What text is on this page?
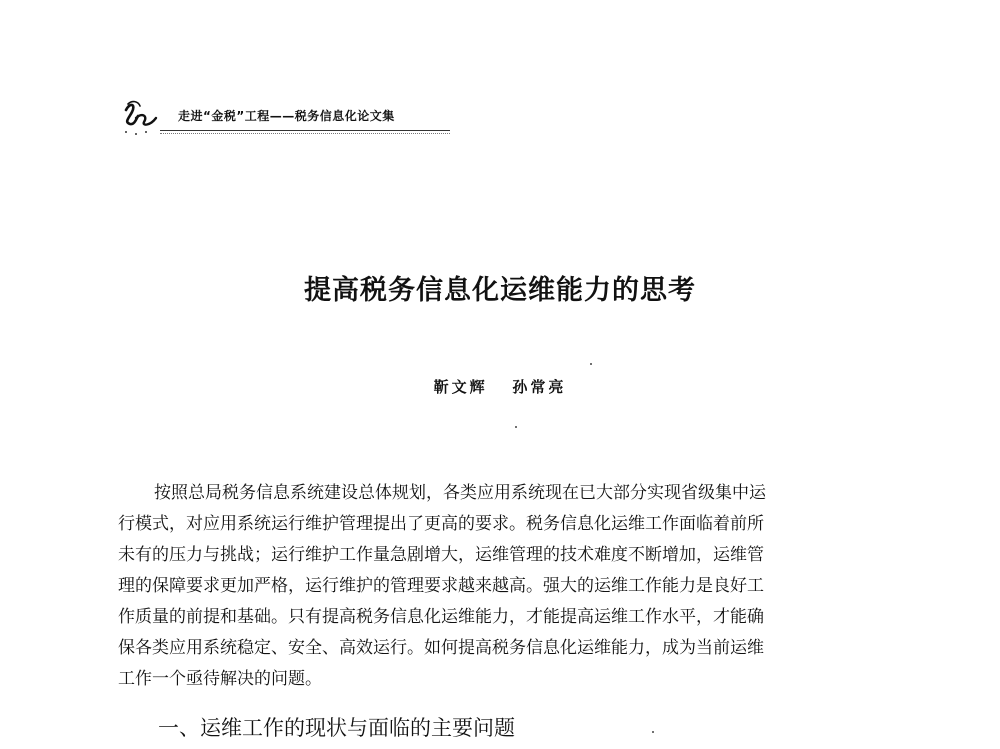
走进“金税”工程——税务信息化论文集
提高税务信息化运维能力的思考
靳文辉   孙常亮
按照总局税务信息系统建设总体规划，各类应用系统现在已大部分实现省级集中运
行模式，对应用系统运行维护管理提出了更高的要求。税务信息化运维工作面临着前所
未有的压力与挑战；运行维护工作量急剧增大，运维管理的技术难度不断增加，运维管
理的保障要求更加严格，运行维护的管理要求越来越高。强大的运维工作能力是良好工
作质量的前提和基础。只有提高税务信息化运维能力，才能提高运维工作水平，才能确
保各类应用系统稳定、安全、高效运行。如何提高税务信息化运维能力，成为当前运维
工作一个亟待解决的问题。
一、运维工作的现状与面临的主要问题
